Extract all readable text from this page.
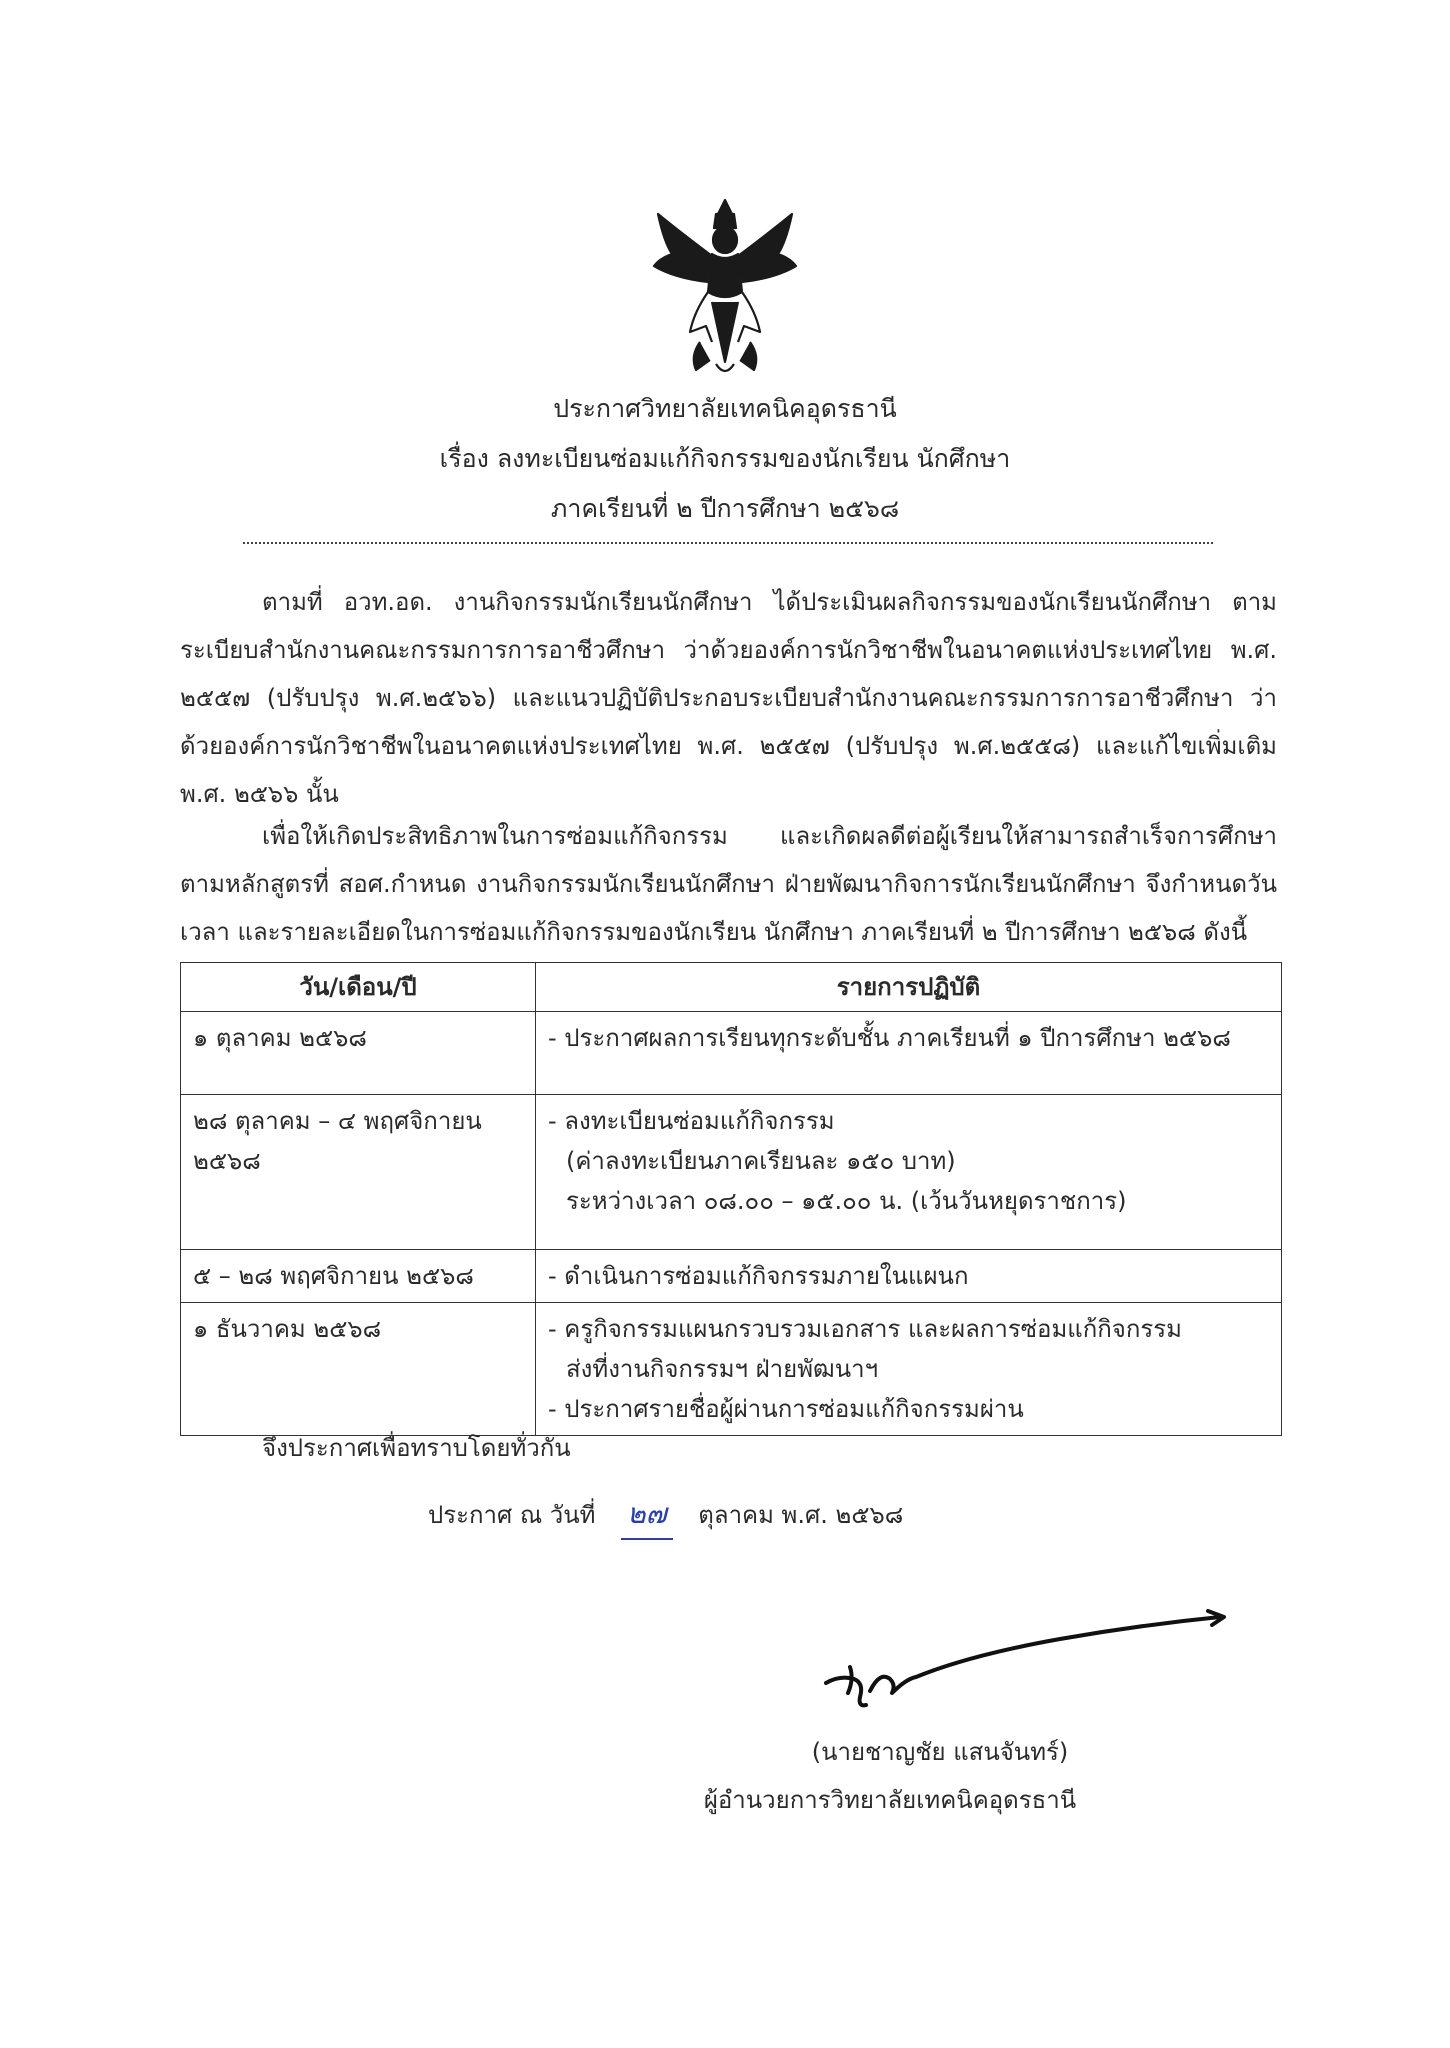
ประกาศวิทยาลัยเทคนิคอุดรธานี
เรื่อง ลงทะเบียนซ่อมแก้กิจกรรมของนักเรียน นักศึกษา
ภาคเรียนที่ ๒ ปีการศึกษา ๒๕๖๘

ตามที่ อวท.อด. งานกิจกรรมนักเรียนนักศึกษา ได้ประเมินผลกิจกรรมของนักเรียนนักศึกษา ตามระเบียบสำนักงานคณะกรรมการการอาชีวศึกษา ว่าด้วยองค์การนักวิชาชีพในอนาคตแห่งประเทศไทย พ.ศ. ๒๕๕๗ (ปรับปรุง พ.ศ.๒๕๖๖) และแนวปฏิบัติประกอบระเบียบสำนักงานคณะกรรมการการอาชีวศึกษา ว่าด้วยองค์การนักวิชาชีพในอนาคตแห่งประเทศไทย พ.ศ. ๒๕๕๗ (ปรับปรุง พ.ศ.๒๕๕๘) และแก้ไขเพิ่มเติม พ.ศ. ๒๕๖๖ นั้น

เพื่อให้เกิดประสิทธิภาพในการซ่อมแก้กิจกรรม และเกิดผลดีต่อผู้เรียนให้สามารถสำเร็จการศึกษาตามหลักสูตรที่ สอศ.กำหนด งานกิจกรรมนักเรียนนักศึกษา ฝ่ายพัฒนากิจการนักเรียนนักศึกษา จึงกำหนดวัน เวลา และรายละเอียดในการซ่อมแก้กิจกรรมของนักเรียน นักศึกษา ภาคเรียนที่ ๒ ปีการศึกษา ๒๕๖๘ ดังนี้

วัน/เดือน/ปี	รายการปฏิบัติ

๑ ตุลาคม ๒๕๖๘	- ประกาศผลการเรียนทุกระดับชั้น ภาคเรียนที่ ๑ ปีการศึกษา ๒๕๖๘

๒๘ ตุลาคม – ๔ พฤศจิกายน
๒๕๖๘	- ลงทะเบียนซ่อมแก้กิจกรรม
(ค่าลงทะเบียนภาคเรียนละ ๑๕๐ บาท)
ระหว่างเวลา ๐๘.๐๐ – ๑๕.๐๐ น. (เว้นวันหยุดราชการ)

๕ – ๒๘ พฤศจิกายน ๒๕๖๘	- ดำเนินการซ่อมแก้กิจกรรมภายในแผนก

๑ ธันวาคม ๒๕๖๘	- ครูกิจกรรมแผนกรวบรวมเอกสาร และผลการซ่อมแก้กิจกรรม
ส่งที่งานกิจกรรมฯ ฝ่ายพัฒนาฯ
- ประกาศรายชื่อผู้ผ่านการซ่อมแก้กิจกรรมผ่าน
จึงประกาศเพื่อทราบโดยทั่วกัน
ประกาศ ณ วันที่ ๒๗ ตุลาคม พ.ศ. ๒๕๖๘
(นายชาญชัย แสนจันทร์)
ผู้อำนวยการวิทยาลัยเทคนิคอุดรธานี
